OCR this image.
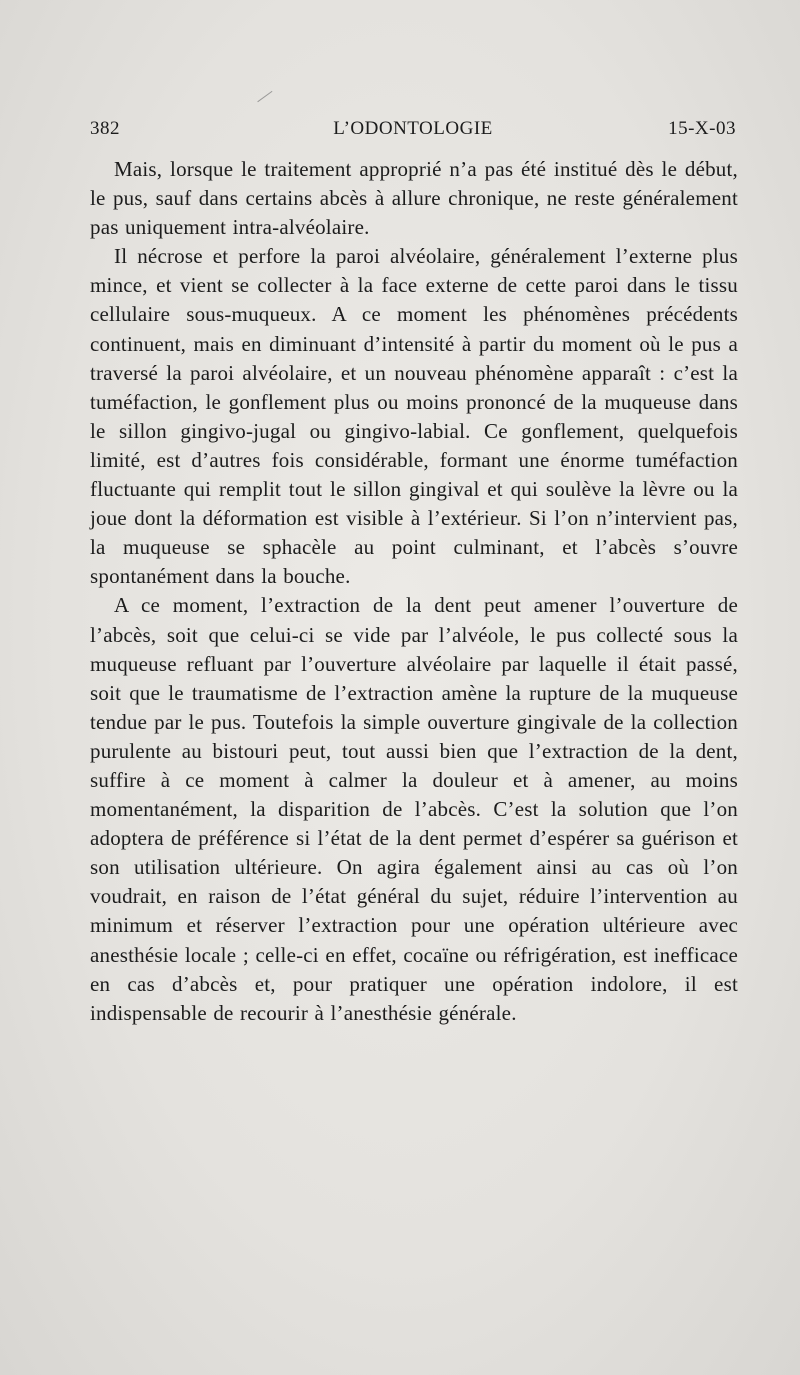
382	L’ODONTOLOGIE	15-X-03

Mais, lorsque le traitement approprié n’a pas été institué dès le début, le pus, sauf dans certains abcès à allure chronique, ne reste généralement pas uniquement intra-alvéolaire.

Il nécrose et perfore la paroi alvéolaire, généralement l’externe plus mince, et vient se collecter à la face externe de cette paroi dans le tissu cellulaire sous-muqueux. A ce moment les phénomènes précédents continuent, mais en diminuant d’intensité à partir du moment où le pus a traversé la paroi alvéolaire, et un nouveau phénomène apparaît : c’est la tuméfaction, le gonflement plus ou moins prononcé de la muqueuse dans le sillon gingivo-jugal ou gingivo-labial. Ce gonflement, quelquefois limité, est d’autres fois considérable, formant une énorme tuméfaction fluctuante qui remplit tout le sillon gingival et qui soulève la lèvre ou la joue dont la déformation est visible à l’extérieur. Si l’on n’intervient pas, la muqueuse se sphacèle au point culminant, et l’abcès s’ouvre spontanément dans la bouche.

A ce moment, l’extraction de la dent peut amener l’ouverture de l’abcès, soit que celui-ci se vide par l’alvéole, le pus collecté sous la muqueuse refluant par l’ouverture alvéolaire par laquelle il était passé, soit que le traumatisme de l’extraction amène la rupture de la muqueuse tendue par le pus. Toutefois la simple ouverture gingivale de la collection purulente au bistouri peut, tout aussi bien que l’extraction de la dent, suffire à ce moment à calmer la douleur et à amener, au moins momentanément, la disparition de l’abcès. C’est la solution que l’on adoptera de préférence si l’état de la dent permet d’espérer sa guérison et son utilisation ultérieure. On agira également ainsi au cas où l’on voudrait, en raison de l’état général du sujet, réduire l’intervention au minimum et réserver l’extraction pour une opération ultérieure avec anesthésie locale ; celle-ci en effet, cocaïne ou réfrigération, est inefficace en cas d’abcès et, pour pratiquer une opération indolore, il est indispensable de recourir à l’anesthésie générale.
